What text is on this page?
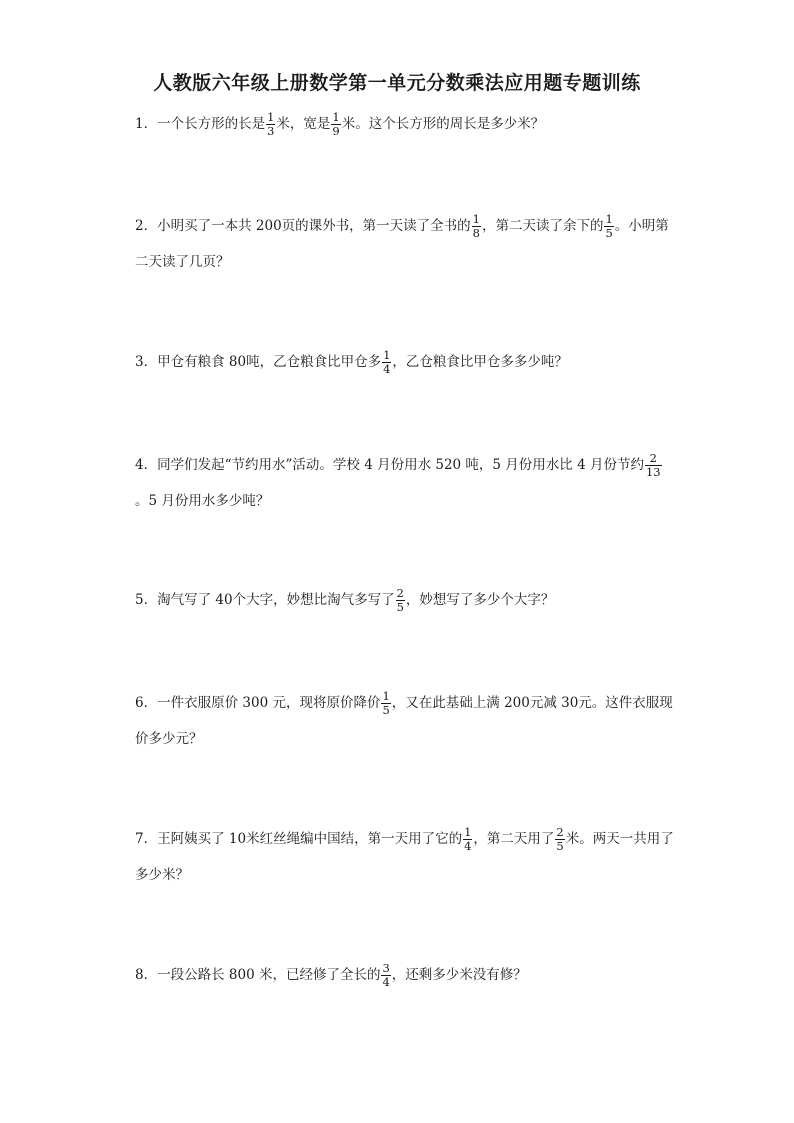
人教版六年级上册数学第一单元分数乘法应用题专题训练
1．一个长方形的长是 $\frac{1}{3}$ 米，宽是 $\frac{1}{9}$ 米。这个长方形的周长是多少米？
2．小明买了一本共 200页的课外书，第一天读了全书的 $\frac{1}{8}$ ，第二天读了余下的 $\frac{1}{5}$ 。小明第二天读了几页？
3．甲仓有粮食 80吨，乙仓粮食比甲仓多 $\frac{1}{4}$ ，乙仓粮食比甲仓多多少吨？
4．同学们发起“节约用水”活动。学校 4 月份用水 520 吨，5 月份用水比 4 月份节约 $\frac{2}{13}$
。5 月份用水多少吨？
5．淘气写了 40个大字，妙想比淘气多写了 $\frac{2}{5}$ ，妙想写了多少个大字？
6．一件衣服原价 300 元，现将原价降价 $\frac{1}{5}$ ，又在此基础上满 200元减 30元。这件衣服现价多少元？
7．王阿姨买了 10米红丝绳编中国结，第一天用了它的 $\frac{1}{4}$ ，第二天用了 $\frac{2}{5}$ 米。两天一共用了多少米？
8．一段公路长 800 米，已经修了全长的 $\frac{3}{4}$ ，还剩多少米没有修？
